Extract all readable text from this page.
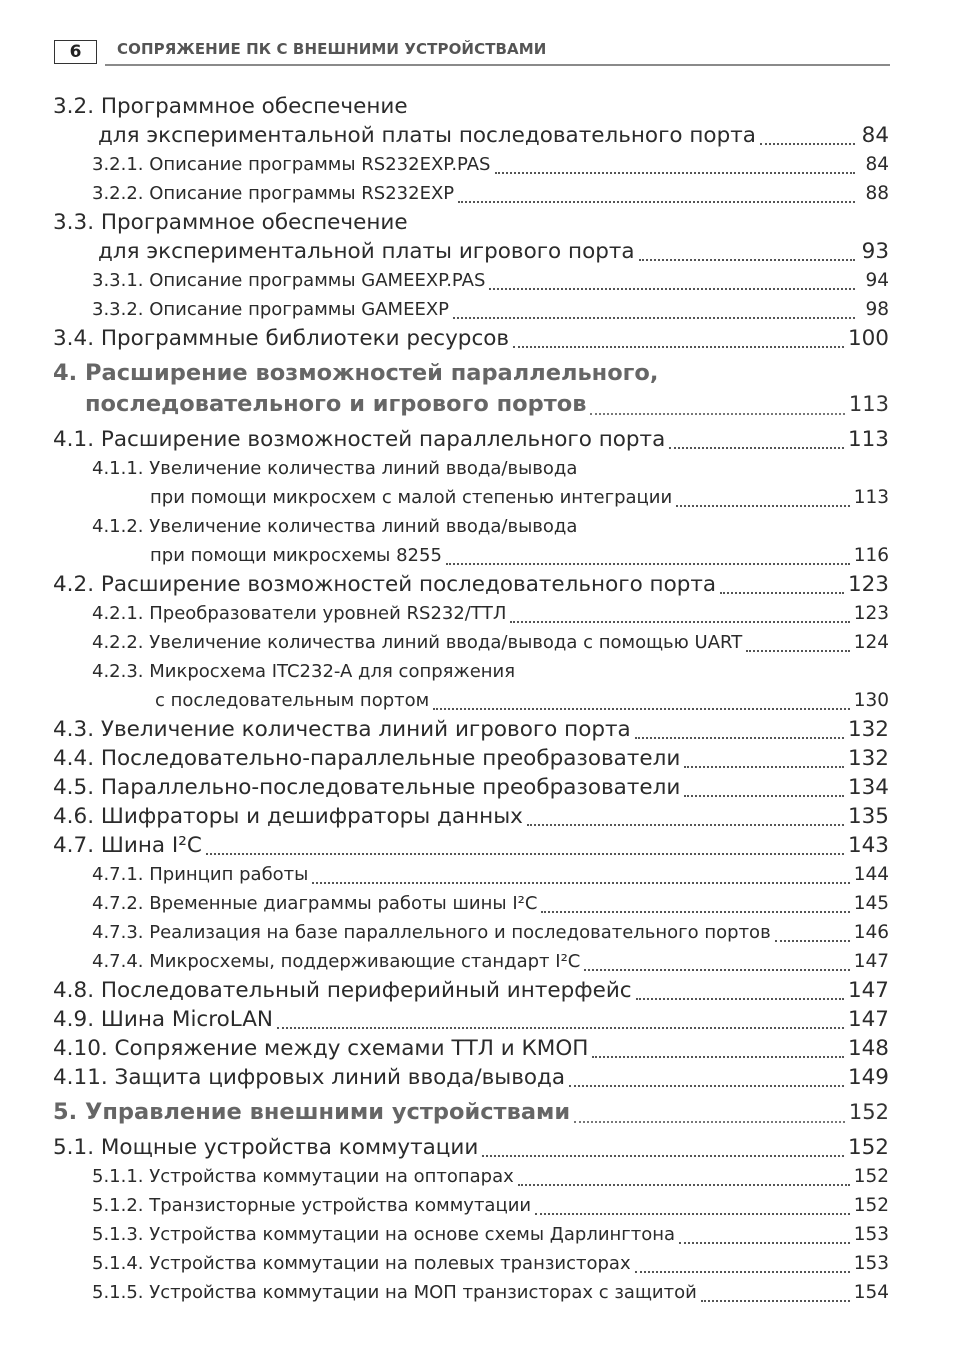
6	СОПРЯЖЕНИЕ ПК С ВНЕШНИМИ УСТРОЙСТВАМИ
3.2. Программное обеспечение
для экспериментальной платы последовательного порта	84
3.2.1. Описание программы RS232EXP.PAS	84
3.2.2. Описание программы RS232EXP	88
3.3. Программное обеспечение
для экспериментальной платы игрового порта	93
3.3.1. Описание программы GAMEEXP.PAS	94
3.3.2. Описание программы GAMEEXP	98
3.4. Программные библиотеки ресурсов	100
4. Расширение возможностей параллельного,
последовательного и игрового портов	113
4.1. Расширение возможностей параллельного порта	113
4.1.1. Увеличение количества линий ввода/вывода
при помощи микросхем с малой степенью интеграции	113
4.1.2. Увеличение количества линий ввода/вывода
при помощи микросхемы 8255	116
4.2. Расширение возможностей последовательного порта	123
4.2.1. Преобразователи уровней RS232/ТТЛ	123
4.2.2. Увеличение количества линий ввода/вывода с помощью UART	124
4.2.3. Микросхема ITC232-A для сопряжения
с последовательным портом	130
4.3. Увеличение количества линий игрового порта	132
4.4. Последовательно-параллельные преобразователи	132
4.5. Параллельно-последовательные преобразователи	134
4.6. Шифраторы и дешифраторы данных	135
4.7. Шина I²C	143
4.7.1. Принцип работы	144
4.7.2. Временные диаграммы работы шины I²C	145
4.7.3. Реализация на базе параллельного и последовательного портов	146
4.7.4. Микросхемы, поддерживающие стандарт I²C	147
4.8. Последовательный периферийный интерфейс	147
4.9. Шина MicroLAN	147
4.10. Сопряжение между схемами ТТЛ и КМОП	148
4.11. Защита цифровых линий ввода/вывода	149
5. Управление внешними устройствами	152
5.1. Мощные устройства коммутации	152
5.1.1. Устройства коммутации на оптопарах	152
5.1.2. Транзисторные устройства коммутации	152
5.1.3. Устройства коммутации на основе схемы Дарлингтона	153
5.1.4. Устройства коммутации на полевых транзисторах	153
5.1.5. Устройства коммутации на МОП транзисторах с защитой	154
